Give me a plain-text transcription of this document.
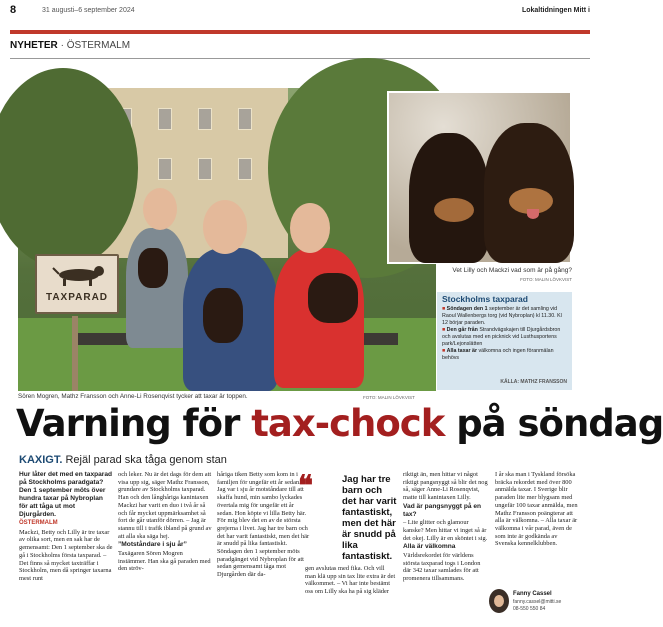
8	31 augusti–6 september 2024	Lokaltidningen Mitt i
NYHETER · ÖSTERMALM
TAXPARAD
Vet Lilly och Mackzi vad som är på gång?
FOTO: MALIN LÖVKVIST
Stockholms taxparad
■ Söndagen den 1 september är det samling vid Raoul Wallenbergs torg (vid Nybroplan) kl 11.30. Kl 12 börjar paraden.
■ Den går från Strandvägskajen till Djurgårdsbron och avslutas med en picknick vid Lusthusportens park/Lejonslätten
■ Alla taxar är välkomna och ingen föranmälan behövs
KÄLLA: MATHZ FRANSSON
Sören Mogren, Mathz Fransson och Anne-Li Rosenqvist tycker att taxar är toppen.	FOTO: MALIN LÖVKVIST
Varning för tax-chock på söndag
KAXIGT. Rejäl parad ska tåga genom stan

Hur låter det med en taxparad på Stockholms paradgata? Den 1 september möts över hundra taxar på Nybroplan för att tåga ut mot Djurgården.

ÖSTERMALM

Mackzi, Betty och Lilly är tre taxar av olika sort, men en sak har de gemensamt: Den 1 september ska de gå i Stockholms första taxparad. – Det finns så mycket taxträffar i Stockholm, men då springer taxarna mest runt

och leker. Nu är det dags för dem att visa upp sig, säger Mathz Fransson, grundare av Stockholms taxparad. Han och den långhåriga kanintaxen Mackzi har varit en duo i två år så och får mycket uppmärksamhet så fort de går utanför dörren. – Jag är stannu till i trafik ibland på grund av att alla ska säga hej.

”Motståndare i sju år”

Taxägaren Sören Mogren instämmer. Han ska gå paraden med den ströv-

håriga tiken Betty som kom in i familjen för ungefär ett år sedan. – Jag var i sju år motståndare till att skaffa hund, min sambo lyckades övertala mig för ungefär ett år sedan. Hon köpte vi lilla Betty här. För mig blev det en av de största grejerna i livet. Jag har tre barn och det har varit fantastiskt, men det här är snudd på lika fantastiskt. Söndagen den 1 september möts paradgänget vid Nybroplan för att sedan gemensamt tåga mot Djurgården där da-

❝	Jag har tre barn och det har varit fantastiskt, men det här är snudd på lika fantastiskt.

gen avslutas med fika. Och vill man klä upp sin tax lite extra är det välkommet. – Vi har inte bestämt oss om Lilly ska ha på sig kläder

riktigt än, men hittar vi något riktigt pangsnyggt så blir det nog så, säger Anne-Li Rosenqvist, matte till kanintaxen Lilly.

Vad är pangsnyggt på en tax?

– Lite glitter och glamour kanske? Men hittar vi inget så är det okej. Lilly är en sköntet i sig.

Alla är välkomna

Världsrekordet för världens största taxparad togs i London där 342 taxar samlades för att promenera tillsammans.

I år ska man i Tyskland försöka bräcka rekordet med över 800 anmälda taxar. I Sverige blir paraden lite mer blygsam med ungefär 100 taxar anmälda, men Mathz Fransson poängterar att alla är välkomna. – Alla taxar är välkomna i vår parad, även de som inte är godkända av Svenska kennelklubben.

Fanny Cassel
fanny.cassel@mitti.se
08-550 550 84
